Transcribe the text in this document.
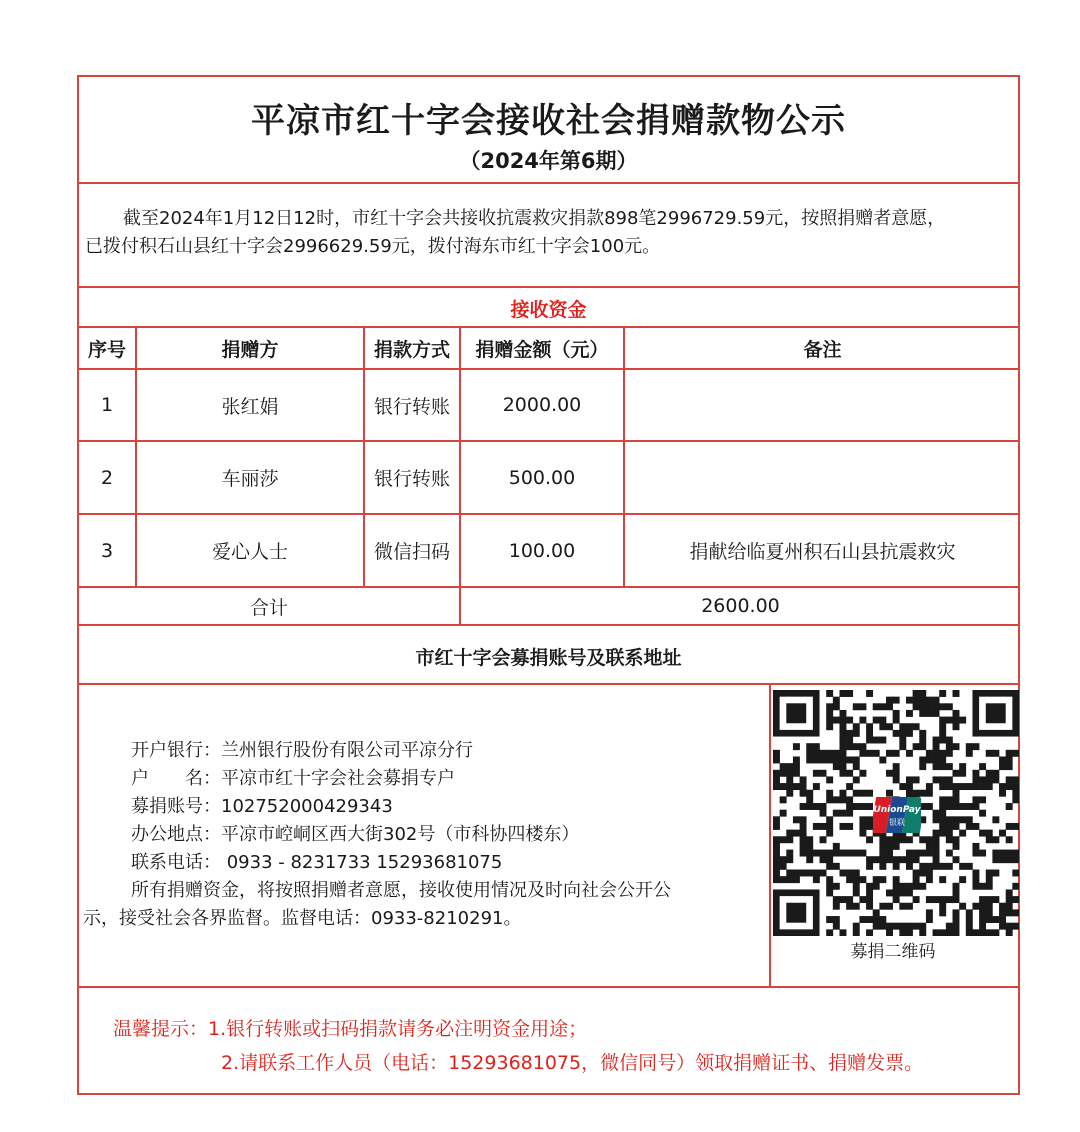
平凉市红十字会接收社会捐赠款物公示
（2024年第6期）
截至2024年1月12日12时，市红十字会共接收抗震救灾捐款898笔2996729.59元，按照捐赠者意愿，
已拨付积石山县红十字会2996629.59元，拨付海东市红十字会100元。
接收资金
序号	捐赠方	捐款方式	捐赠金额（元）	备注
1	张红娟	银行转账	2000.00
2	车丽莎	银行转账	500.00
3	爱心人士	微信扫码	100.00	捐献给临夏州积石山县抗震救灾
合计	2600.00
市红十字会募捐账号及联系地址
开户银行：兰州银行股份有限公司平凉分行
户　　名：平凉市红十字会社会募捐专户
募捐账号：102752000429343
办公地点：平凉市崆峒区西大街302号（市科协四楼东）
联系电话： 0933 - 8231733 15293681075
所有捐赠资金，将按照捐赠者意愿，接收使用情况及时向社会公开公
示，接受社会各界监督。监督电话：0933-8210291。
UnionPay
银联
募捐二维码
温馨提示：1.银行转账或扫码捐款请务必注明资金用途；
2.请联系工作人员（电话：15293681075，微信同号）领取捐赠证书、捐赠发票。
